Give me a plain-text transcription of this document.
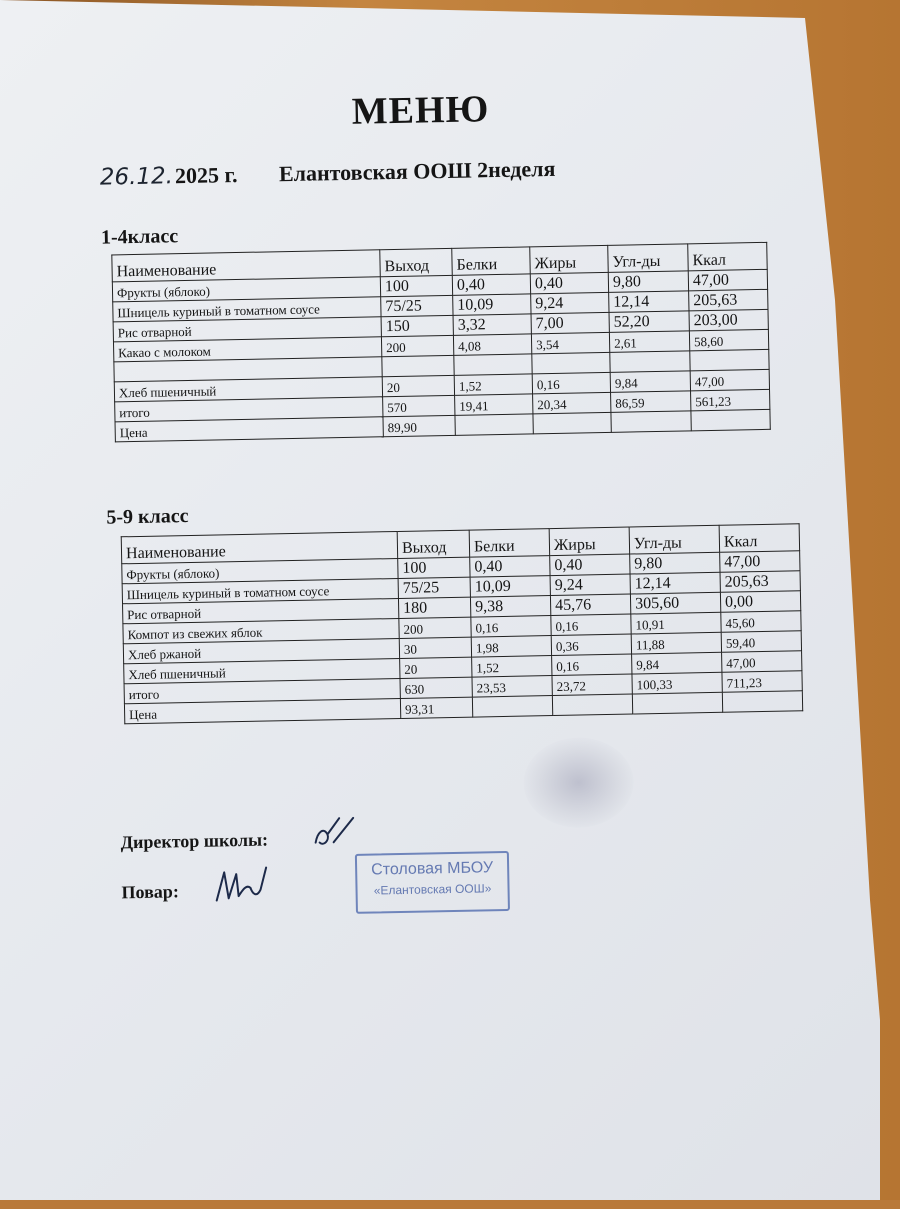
МЕНЮ
26.12.2025 г. Елантовская ООШ 2неделя
1-4класс
Наименование	Выход	Белки	Жиры	Угл-ды	Ккал
Фрукты (яблоко)	100	0,40	0,40	9,80	47,00
Шницель куриный в томатном соусе	75/25	10,09	9,24	12,14	205,63
Рис отварной	150	3,32	7,00	52,20	203,00
Какао с молоком	200	4,08	3,54	2,61	58,60

Хлеб пшеничный	20	1,52	0,16	9,84	47,00
итого	570	19,41	20,34	86,59	561,23
Цена	89,90				
5-9 класс
Наименование	Выход	Белки	Жиры	Угл-ды	Ккал
Фрукты (яблоко)	100	0,40	0,40	9,80	47,00
Шницель куриный в томатном соусе	75/25	10,09	9,24	12,14	205,63
Рис отварной	180	9,38	45,76	305,60	0,00
Компот из свежих яблок	200	0,16	0,16	10,91	45,60
Хлеб ржаной	30	1,98	0,36	11,88	59,40
Хлеб пшеничный	20	1,52	0,16	9,84	47,00
итого	630	23,53	23,72	100,33	711,23
Цена	93,31				
Директор школы:
Повар:
Столовая МБОУ
«Елантовская ООШ»
